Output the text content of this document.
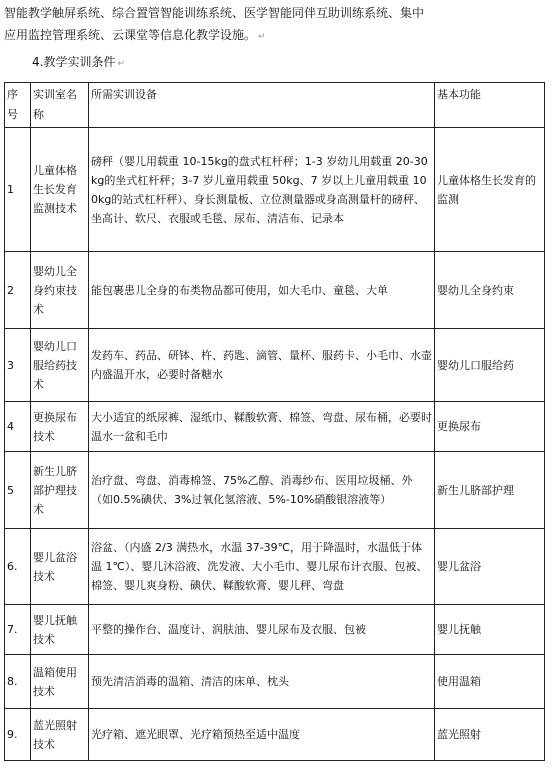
智能教学触屏系统、综合置管智能训练系统、医学智能同伴互助训练系统、集中
应用监控管理系统、云课堂等信息化教学设施。 ↵
4.教学实训条件 ↵
序号	实训室名称	所需实训设备	基本功能
1	儿童体格生长发育监测技术	磅秤（婴儿用载重 10-15kg的盘式杠杆秤；1-3 岁幼儿用载重 20-30kg的坐式杠杆秤；3-7 岁儿童用载重 50kg、7 岁以上儿童用载重 100kg的站式杠杆秤）、身长测量板、立位测量器或身高测量杆的磅秤、坐高计、软尺、衣服或毛毯、尿布、清洁布、记录本	儿童体格生长发育的监测
2	婴幼儿全身约束技术	能包裹患儿全身的布类物品都可使用，如大毛巾、童毯、大单	婴幼儿全身约束
3	婴幼儿口服给药技术	发药车、药品、研钵、杵、药匙、滴管、量杯、服药卡、小毛巾、水壶内盛温开水，必要时备糖水	婴幼儿口服给药
4	更换尿布技术	大小适宜的纸尿裤、湿纸巾、鞣酸软膏、棉签、弯盘、尿布桶，必要时温水一盆和毛巾	更换尿布
5	新生儿脐部护理技术	治疗盘、弯盘、消毒棉签、75%乙醇、消毒纱布、医用垃圾桶、外（如0.5%碘伏、3%过氧化氢溶液、5%-10%硝酸银溶液等）	新生儿脐部护理
6.	婴儿盆浴技术	浴盆、（内盛 2/3 满热水，水温 37-39℃，用于降温时，水温低于体温 1℃）、婴儿沐浴液、洗发液、大小毛巾、婴儿尿布计衣服、包被、棉签、婴儿爽身粉、碘伏、鞣酸软膏、婴儿秤、弯盘	婴儿盆浴
7.	婴儿抚触技术	平整的操作台、温度计、润肤油、婴儿尿布及衣服、包被	婴儿抚触
8.	温箱使用技术	预先清洁消毒的温箱、清洁的床单、枕头	使用温箱
9.	蓝光照射技术	光疗箱、遮光眼罩、光疗箱预热至适中温度	蓝光照射
